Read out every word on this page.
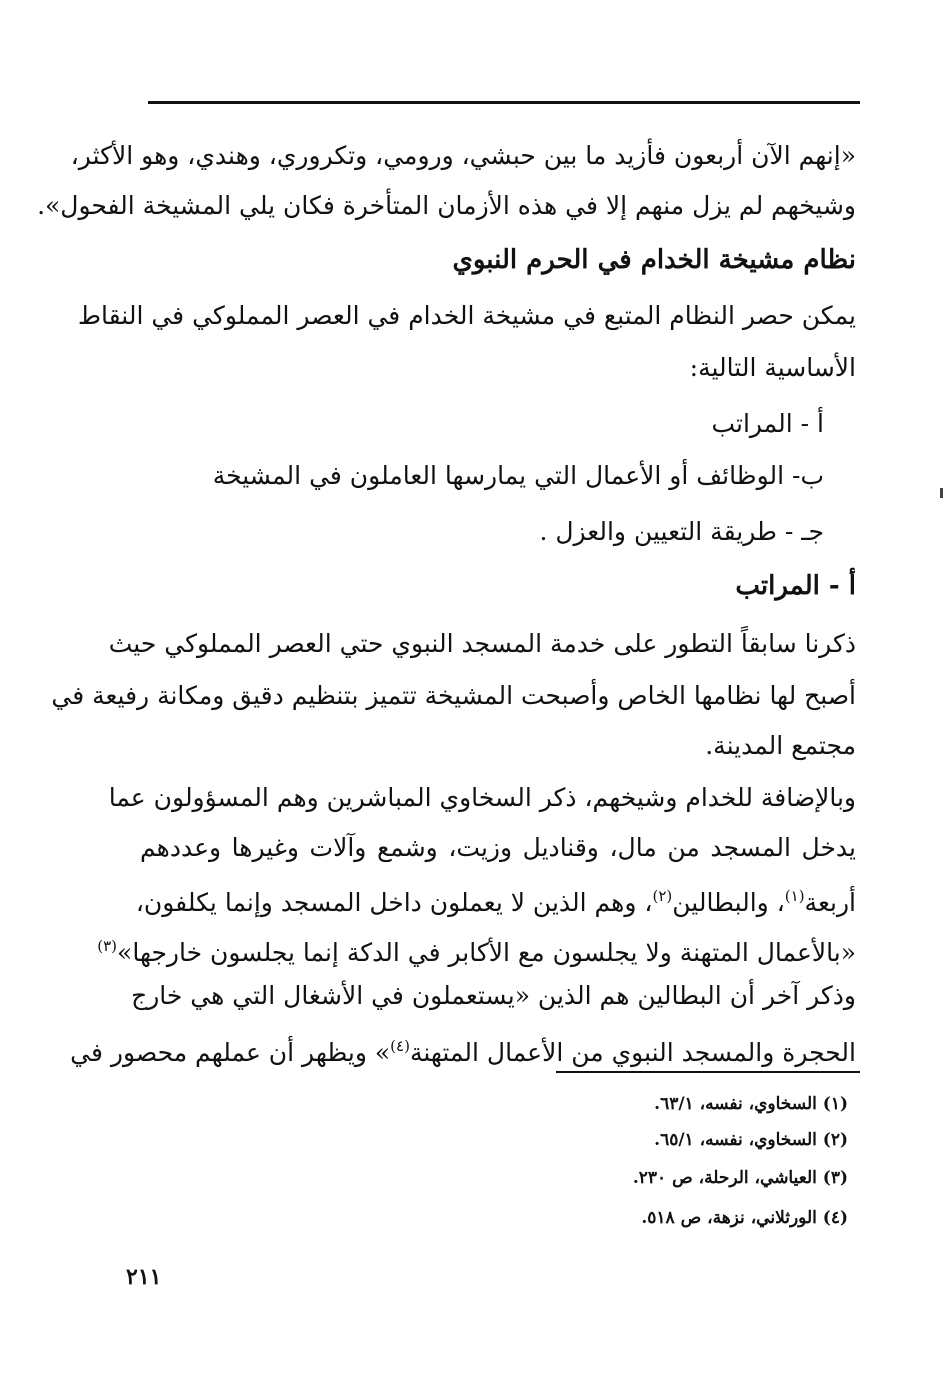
«إنهم الآن أربعون فأزيد ما بين حبشي، ورومي، وتكروري، وهندي، وهو الأكثر،
وشيخهم لم يزل منهم إلا في هذه الأزمان المتأخرة فكان يلي المشيخة الفحول».
نظام مشيخة الخدام في الحرم النبوي
يمكن حصر النظام المتبع في مشيخة الخدام في العصر المملوكي في النقاط
الأساسية التالية:
أ - المراتب
ب- الوظائف أو الأعمال التي يمارسها العاملون في المشيخة
جـ - طريقة التعيين والعزل .
أ - المراتب
ذكرنا سابقاً التطور على خدمة المسجد النبوي حتي العصر المملوكي حيث
أصبح لها نظامها الخاص وأصبحت المشيخة تتميز بتنظيم دقيق ومكانة رفيعة في
مجتمع المدينة.
وبالإضافة للخدام وشيخهم، ذكر السخاوي المباشرين وهم المسؤولون عما
يدخل المسجد من مال، وقناديل وزيت، وشمع وآلات وغيرها وعددهم
أربعة$^{(١)}$، والبطالين$^{(٢)}$، وهم الذين لا يعملون داخل المسجد وإنما يكلفون،
«بالأعمال المتهنة ولا يجلسون مع الأكابر في الدكة إنما يجلسون خارجها»$^{(٣)}$
وذكر آخر أن البطالين هم الذين «يستعملون في الأشغال التي هي خارج
الحجرة والمسجد النبوي من الأعمال المتهنة$^{(٤)}$» ويظهر أن عملهم محصور في
(١) السخاوي، نفسه، ٦٣/١.
(٢) السخاوي، نفسه، ٦٥/١.
(٣) العياشي، الرحلة، ص ٢٣٠.
(٤) الورثلاني، نزهة، ص ٥١٨.
٢١١
